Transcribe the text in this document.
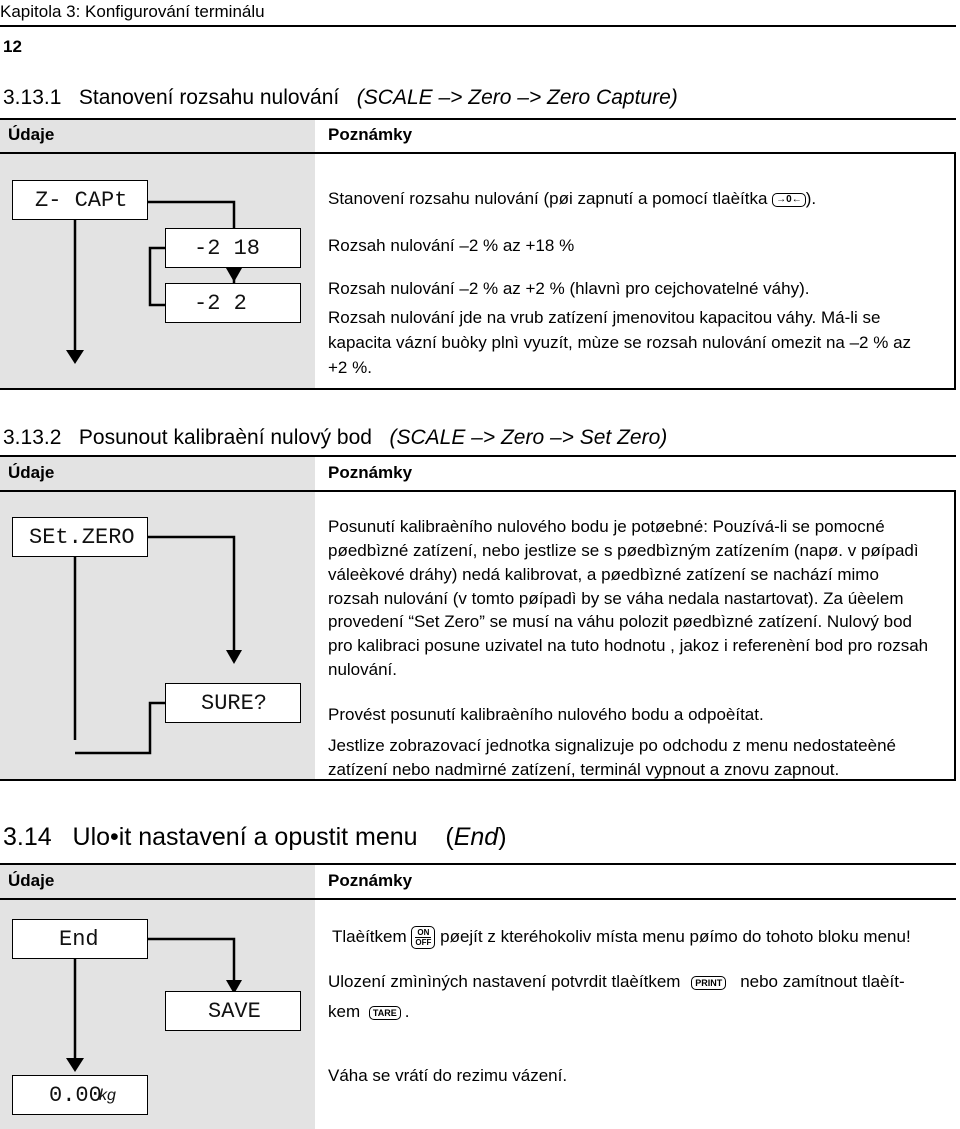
Kapitola 3: Konfigurování terminálu
12
3.13.1 Stanovení rozsahu nulování (SCALE –> Zero –> Zero Capture)
Údaje	Poznámky
Z- CAPt
-2 18
-2 2
Stanovení rozsahu nulování (pøi zapnutí a pomocí tlaèítka →0← ).
Rozsah nulování –2 % az +18 %
Rozsah nulování –2 % az +2 % (hlavnì pro cejchovatelné váhy).
Rozsah nulování jde na vrub zatízení jmenovitou kapacitou váhy. Má-li se
kapacita vázní buòky plnì vyuzít, mùze se rozsah nulování omezit na –2 % az
+2 %.
3.13.2 Posunout kalibraèní nulový bod (SCALE –> Zero –> Set Zero)
Údaje	Poznámky
SEt.ZERO
SURE?
Posunutí kalibraèního nulového bodu je potøebné: Pouzívá-li se pomocné
pøedbìzné zatízení, nebo jestlize se s pøedbìzným zatízením (napø. v pøípadì
váleèkové dráhy) nedá kalibrovat, a pøedbìzné zatízení se nachází mimo
rozsah nulování (v tomto pøípadì by se váha nedala nastartovat). Za úèelem
provedení “Set Zero” se musí na váhu polozit pøedbìzné zatízení. Nulový bod
pro kalibraci posune uzivatel na tuto hodnotu , jakoz i referenèní bod pro rozsah
nulování.
Provést posunutí kalibraèního nulového bodu a odpoèítat.
Jestlize zobrazovací jednotka signalizuje po odchodu z menu nedostateèné
zatízení nebo nadmìrné zatízení, terminál vypnout a znovu zapnout.
3.14 Ulo•it nastavení a opustit menu (End)
Údaje	Poznámky
End
SAVE
0.00
kg
Tlaèítkem ON
OFF pøejít z kteréhokoliv místa menu pøímo do tohoto bloku menu!
Ulození zmìnìných nastavení potvrdit tlaèítkem PRINT nebo zamítnout tlaèít-
kem TARE .
Váha se vrátí do rezimu vázení.
